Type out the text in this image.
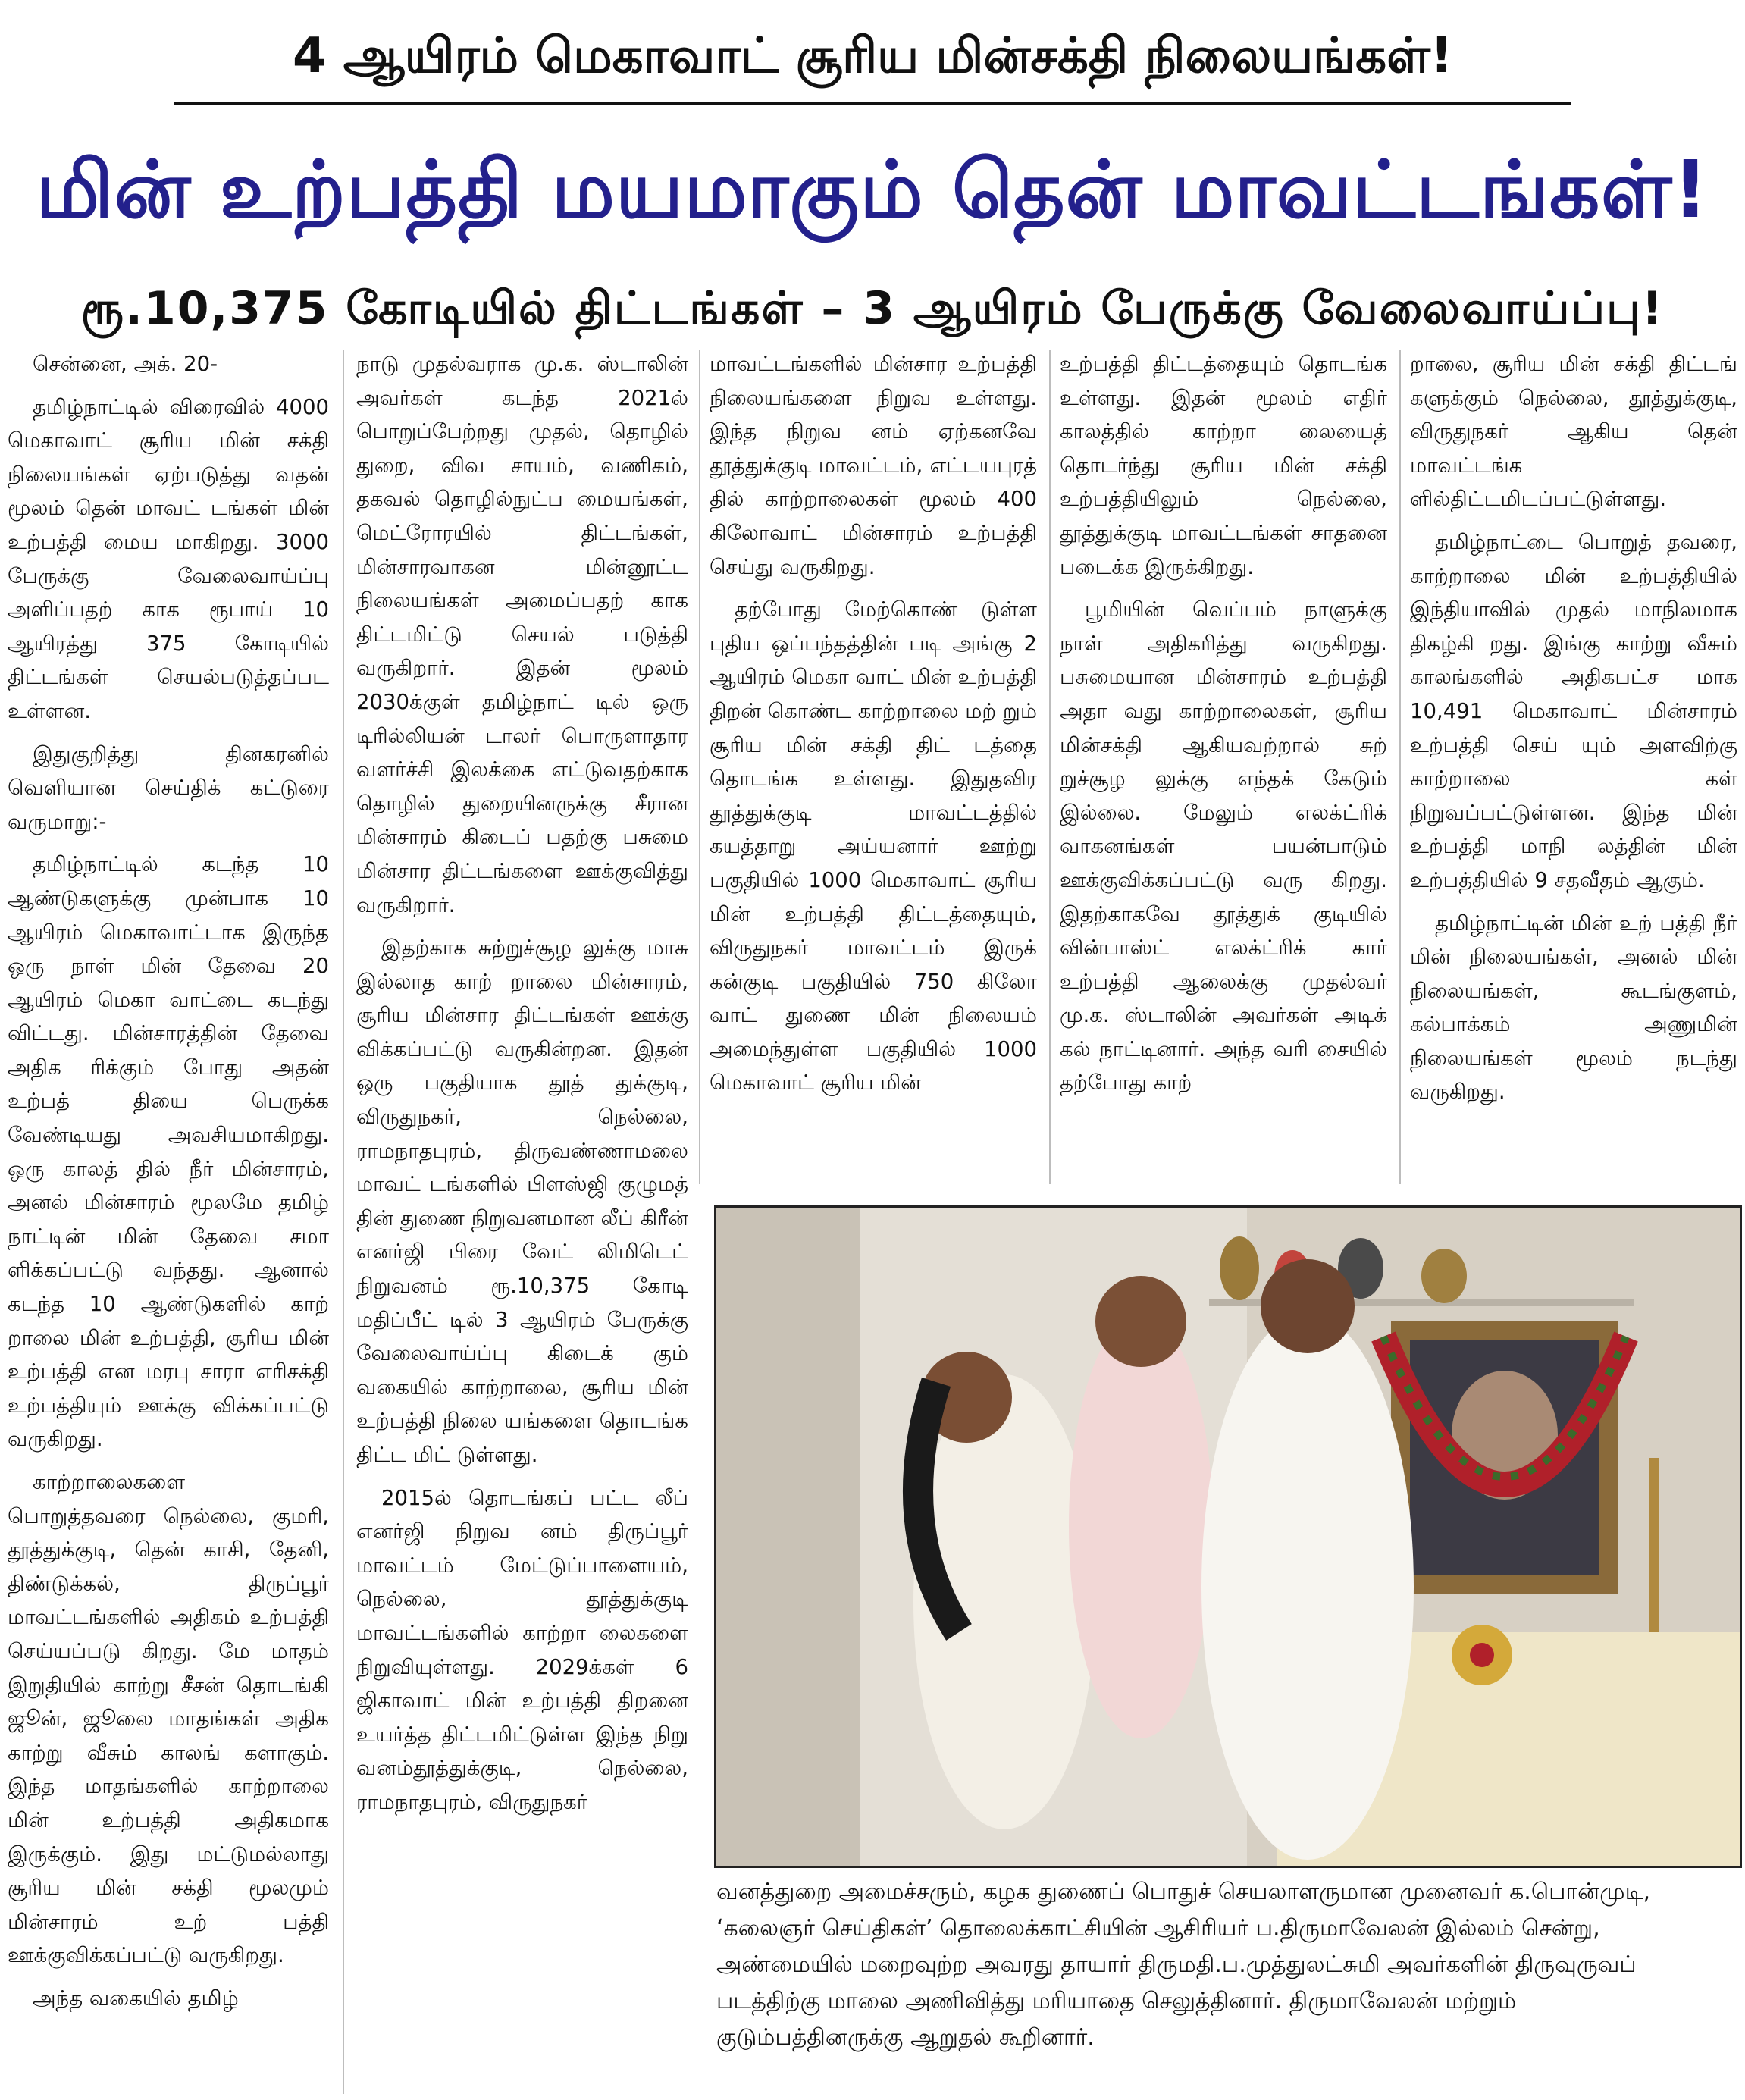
4 ஆயிரம் மெகாவாட் சூரிய மின்சக்தி நிலையங்கள்!
மின் உற்பத்தி மயமாகும் தென் மாவட்டங்கள்!
ரூ.10,375 கோடியில் திட்டங்கள் – 3 ஆயிரம் பேருக்கு வேலைவாய்ப்பு!

சென்னை, அக். 20-

தமிழ்நாட்டில் விரைவில் 4000 மெகாவாட் சூரிய மின் சக்தி நிலையங்கள் ஏற்படுத்து வதன் மூலம் தென் மாவட் டங்கள் மின் உற்பத்தி மைய மாகிறது. 3000 பேருக்கு வேலைவாய்ப்பு அளிப்பதற் காக ரூபாய் 10 ஆயிரத்து 375 கோடியில் திட்டங்கள் செயல்படுத்தப்பட உள்ளன.

இதுகுறித்து தினகரனில் வெளியான செய்திக் கட்டுரை வருமாறு:-

தமிழ்நாட்டில் கடந்த 10 ஆண்டுகளுக்கு முன்பாக 10 ஆயிரம் மெகாவாட்டாக இருந்த ஒரு நாள் மின் தேவை 20 ஆயிரம் மெகா வாட்டை கடந்து விட்டது. மின்சாரத்தின் தேவை அதிக ரிக்கும் போது அதன் உற்பத் தியை பெருக்க வேண்டியது அவசியமாகிறது. ஒரு காலத் தில் நீர் மின்சாரம், அனல் மின்சாரம் மூலமே தமிழ் நாட்டின் மின் தேவை சமா ளிக்கப்பட்டு வந்தது. ஆனால் கடந்த 10 ஆண்டுகளில் காற் றாலை மின் உற்பத்தி, சூரிய மின் உற்பத்தி என மரபு சாரா எரிசக்தி உற்பத்தியும் ஊக்கு விக்கப்பட்டு வருகிறது.

காற்றாலைகளை பொறுத்தவரை நெல்லை, குமரி, தூத்துக்குடி, தென் காசி, தேனி, திண்டுக்கல், திருப்பூர் மாவட்டங்களில் அதிகம் உற்பத்தி செய்யப்படு கிறது. மே மாதம் இறுதியில் காற்று சீசன் தொடங்கி ஜூன், ஜூலை மாதங்கள் அதிக காற்று வீசும் காலங் களாகும். இந்த மாதங்களில் காற்றாலை மின் உற்பத்தி அதிகமாக இருக்கும். இது மட்டுமல்லாது சூரிய மின் சக்தி மூலமும் மின்சாரம் உற் பத்தி ஊக்குவிக்கப்பட்டு வருகிறது.

அந்த வகையில் தமிழ்

நாடு முதல்வராக மு.க. ஸ்டாலின் அவர்கள் கடந்த 2021ல் பொறுப்பேற்றது முதல், தொழில் துறை, விவ சாயம், வணிகம், தகவல் தொழில்நுட்ப மையங்கள், மெட்ரோரயில் திட்டங்கள், மின்சாரவாகன மின்னூட்ட நிலையங்கள் அமைப்பதற் காக திட்டமிட்டு செயல் படுத்தி வருகிறார். இதன் மூலம் 2030க்குள் தமிழ்நாட் டில் ஒரு டிரில்லியன் டாலர் பொருளாதார வளர்ச்சி இலக்கை எட்டுவதற்காக தொழில் துறையினருக்கு சீரான மின்சாரம் கிடைப் பதற்கு பசுமை மின்சார திட்டங்களை ஊக்குவித்து வருகிறார்.

இதற்காக சுற்றுச்சூழ லுக்கு மாசு இல்லாத காற் றாலை மின்சாரம், சூரிய மின்சார திட்டங்கள் ஊக்கு விக்கப்பட்டு வருகின்றன. இதன் ஒரு பகுதியாக தூத் துக்குடி, விருதுநகர், நெல்லை, ராமநாதபுரம், திருவண்ணாமலை மாவட் டங்களில் பிளஸ்ஜி குழுமத் தின் துணை நிறுவனமான லீப் கிரீன் எனர்ஜி பிரை வேட் லிமிடெட் நிறுவனம் ரூ.10,375 கோடி மதிப்பீட் டில் 3 ஆயிரம் பேருக்கு வேலைவாய்ப்பு கிடைக் கும் வகையில் காற்றாலை, சூரிய மின் உற்பத்தி நிலை யங்களை தொடங்க திட்ட மிட் டுள்ளது.

2015ல் தொடங்கப் பட்ட லீப் எனர்ஜி நிறுவ னம் திருப்பூர் மாவட்டம் மேட்டுப்பாளையம், நெல்லை, தூத்துக்குடி மாவட்டங்களில் காற்றா லைகளை நிறுவியுள்ளது. 2029க்கள் 6 ஜிகாவாட் மின் உற்பத்தி திறனை உயர்த்த திட்டமிட்டுள்ள இந்த நிறு வனம்தூத்துக்குடி, நெல்லை, ராமநாதபுரம், விருதுநகர்

மாவட்டங்களில் மின்சார உற்பத்தி நிலையங்களை நிறுவ உள்ளது. இந்த நிறுவ னம் ஏற்கனவே தூத்துக்குடி மாவட்டம், எட்டயபுரத் தில் காற்றாலைகள் மூலம் 400 கிலோவாட் மின்சாரம் உற்பத்தி செய்து வருகிறது.

தற்போது மேற்கொண் டுள்ள புதிய ஒப்பந்தத்தின் படி அங்கு 2 ஆயிரம் மெகா வாட் மின் உற்பத்தி திறன் கொண்ட காற்றாலை மற் றும் சூரிய மின் சக்தி திட் டத்தை தொடங்க உள்ளது. இதுதவிர தூத்துக்குடி மாவட்டத்தில் கயத்தாறு அய்யனார் ஊற்று பகுதியில் 1000 மெகாவாட் சூரிய மின் உற்பத்தி திட்டத்தையும், விருதுநகர் மாவட்டம் இருக் கன்குடி பகுதியில் 750 கிலோ வாட் துணை மின் நிலையம் அமைந்துள்ள பகுதியில் 1000 மெகாவாட் சூரிய மின்

உற்பத்தி திட்டத்தையும் தொடங்க உள்ளது. இதன் மூலம் எதிர் காலத்தில் காற்றா லையைத் தொடர்ந்து சூரிய மின் சக்தி உற்பத்தியிலும் நெல்லை, தூத்துக்குடி மாவட்டங்கள் சாதனை படைக்க இருக்கிறது.

பூமியின் வெப்பம் நாளுக்கு நாள் அதிகரித்து வருகிறது. பசுமையான மின்சாரம் உற்பத்தி அதா வது காற்றாலைகள், சூரிய மின்சக்தி ஆகியவற்றால் சுற் றுச்சூழ லுக்கு எந்தக் கேடும் இல்லை. மேலும் எலக்ட்ரிக் வாகனங்கள் பயன்பாடும் ஊக்குவிக்கப்பட்டு வரு கிறது. இதற்காகவே தூத்துக் குடியில் வின்பாஸ்ட் எலக்ட்ரிக் கார் உற்பத்தி ஆலைக்கு முதல்வர் மு.க. ஸ்டாலின் அவர்கள் அடிக் கல் நாட்டினார். அந்த வரி சையில் தற்போது காற்

றாலை, சூரிய மின் சக்தி திட்டங் களுக்கும் நெல்லை, தூத்துக்குடி, விருதுநகர் ஆகிய தென் மாவட்டங்க ளில்திட்டமிடப்பட்டுள்ளது.

தமிழ்நாட்டை பொறுத் தவரை, காற்றாலை மின் உற்பத்தியில் இந்தியாவில் முதல் மாநிலமாக திகழ்கி றது. இங்கு காற்று வீசும் காலங்களில் அதிகபட்ச மாக 10,491 மெகாவாட் மின்சாரம் உற்பத்தி செய் யும் அளவிற்கு காற்றாலை கள் நிறுவப்பட்டுள்ளன. இந்த மின் உற்பத்தி மாநி லத்தின் மின் உற்பத்தியில் 9 சதவீதம் ஆகும்.

தமிழ்நாட்டின் மின் உற் பத்தி நீர் மின் நிலையங்கள், அனல் மின் நிலையங்கள், கூடங்குளம், கல்பாக்கம் அணுமின் நிலையங்கள் மூலம் நடந்து வருகிறது.

வனத்துறை அமைச்சரும், கழக துணைப் பொதுச் செயலாளருமான முனைவர் க.பொன்முடி,
‘கலைஞர் செய்திகள்’ தொலைக்காட்சியின் ஆசிரியர் ப.திருமாவேலன் இல்லம் சென்று,
அண்மையில் மறைவுற்ற அவரது தாயார் திருமதி.ப.முத்துலட்சுமி அவர்களின் திருவுருவப்
படத்திற்கு மாலை அணிவித்து மரியாதை செலுத்தினார். திருமாவேலன் மற்றும்
குடும்பத்தினருக்கு ஆறுதல் கூறினார்.
